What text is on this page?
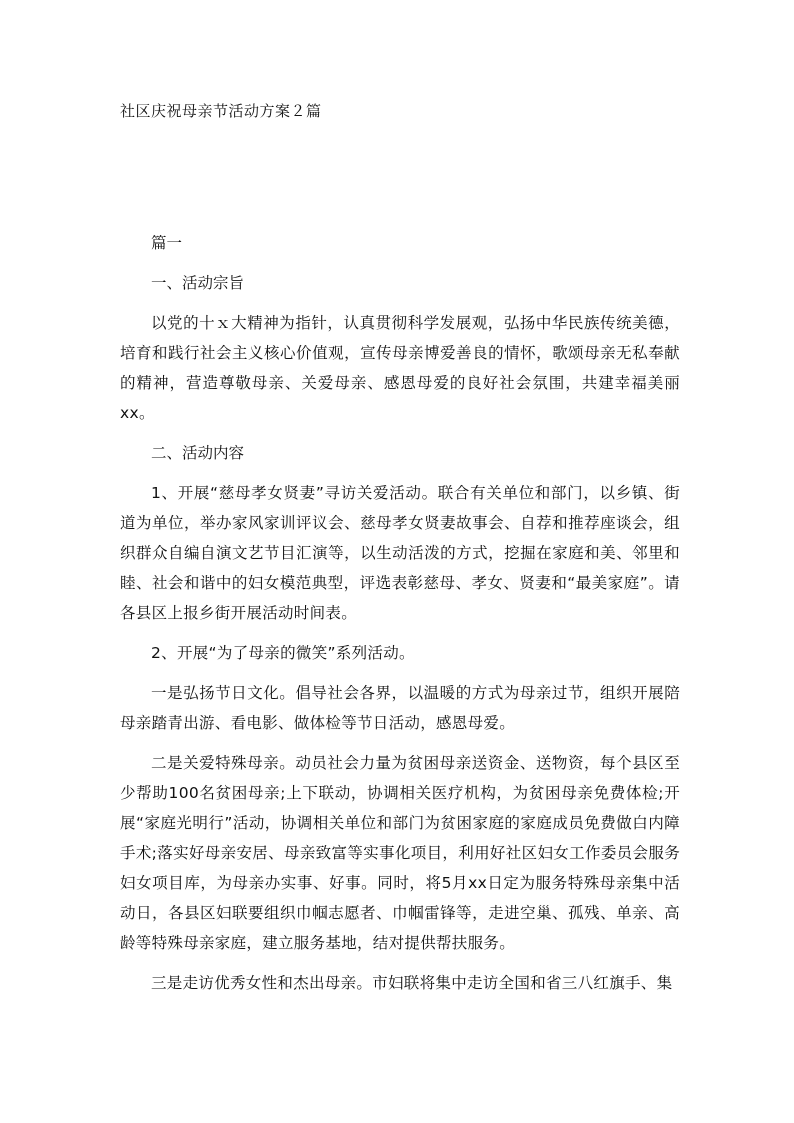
社区庆祝母亲节活动方案２篇

篇一

一、活动宗旨

以党的十ｘ大精神为指针，认真贯彻科学发展观，弘扬中华民族传统美德，培育和践行社会主义核心价值观，宣传母亲博爱善良的情怀，歌颂母亲无私奉献的精神，营造尊敬母亲、关爱母亲、感恩母爱的良好社会氛围，共建幸福美丽xx。

二、活动内容

1、开展“慈母孝女贤妻”寻访关爱活动。联合有关单位和部门，以乡镇、街道为单位，举办家风家训评议会、慈母孝女贤妻故事会、自荐和推荐座谈会，组织群众自编自演文艺节目汇演等，以生动活泼的方式，挖掘在家庭和美、邻里和睦、社会和谐中的妇女模范典型，评选表彰慈母、孝女、贤妻和“最美家庭”。请各县区上报乡街开展活动时间表。

2、开展“为了母亲的微笑”系列活动。

一是弘扬节日文化。倡导社会各界，以温暖的方式为母亲过节，组织开展陪母亲踏青出游、看电影、做体检等节日活动，感恩母爱。

二是关爱特殊母亲。动员社会力量为贫困母亲送资金、送物资，每个县区至少帮助100名贫困母亲;上下联动，协调相关医疗机构，为贫困母亲免费体检;开展“家庭光明行”活动，协调相关单位和部门为贫困家庭的家庭成员免费做白内障手术;落实好母亲安居、母亲致富等实事化项目，利用好社区妇女工作委员会服务妇女项目库，为母亲办实事、好事。同时，将5月xx日定为服务特殊母亲集中活动日，各县区妇联要组织巾帼志愿者、巾帼雷锋等，走进空巢、孤残、单亲、高龄等特殊母亲家庭，建立服务基地，结对提供帮扶服务。

三是走访优秀女性和杰出母亲。市妇联将集中走访全国和省三八红旗手、集
